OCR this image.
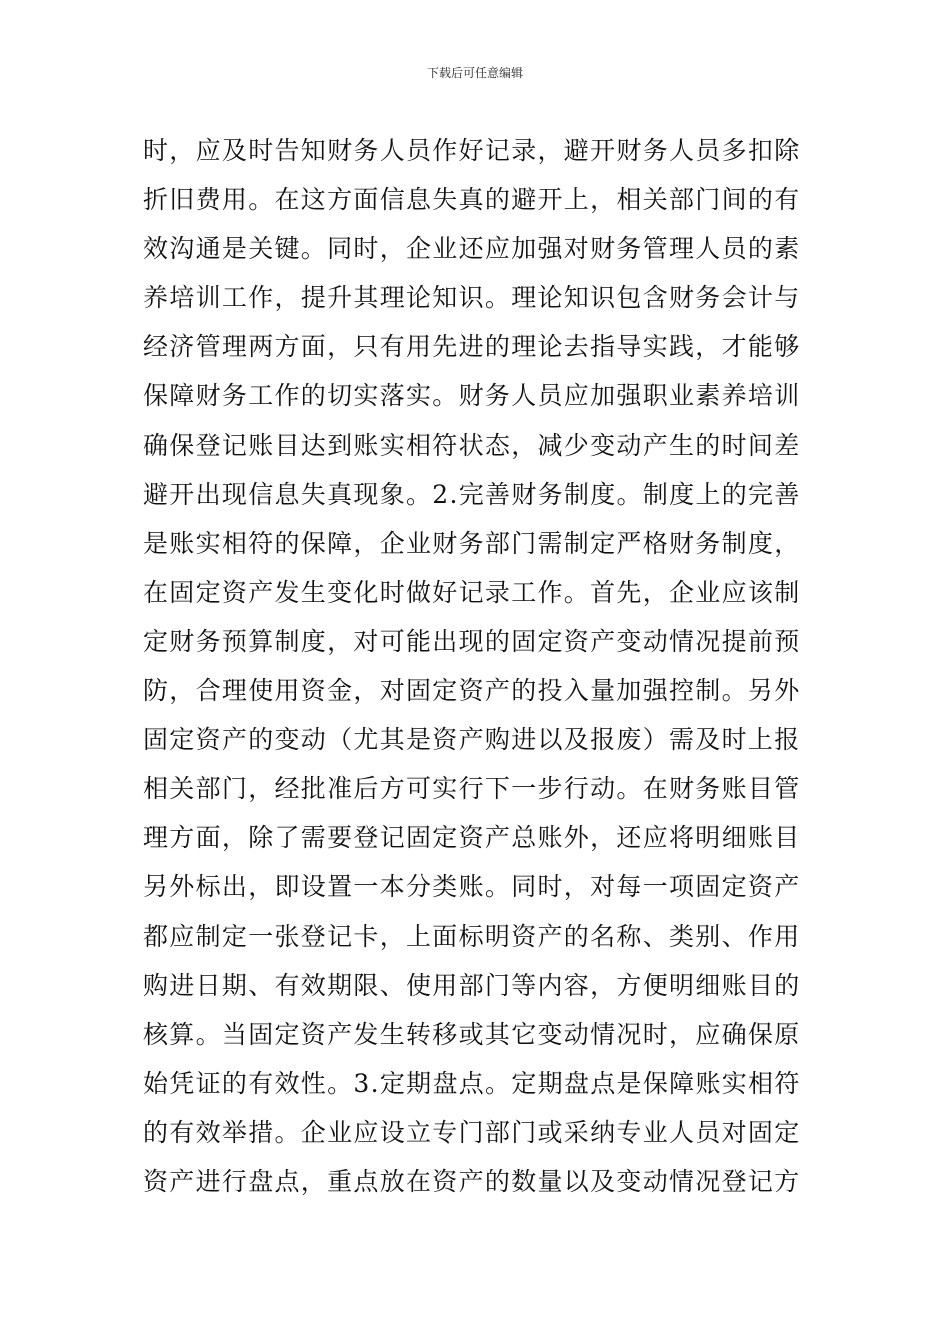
下载后可任意编辑
时，应及时告知财务人员作好记录，避开财务人员多扣除
折旧费用。在这方面信息失真的避开上，相关部门间的有
效沟通是关键。同时，企业还应加强对财务管理人员的素
养培训工作，提升其理论知识。理论知识包含财务会计与
经济管理两方面，只有用先进的理论去指导实践，才能够
保障财务工作的切实落实。财务人员应加强职业素养培训
确保登记账目达到账实相符状态，减少变动产生的时间差
避开出现信息失真现象。2.完善财务制度。制度上的完善
是账实相符的保障，企业财务部门需制定严格财务制度，
在固定资产发生变化时做好记录工作。首先，企业应该制
定财务预算制度，对可能出现的固定资产变动情况提前预
防，合理使用资金，对固定资产的投入量加强控制。另外
固定资产的变动（尤其是资产购进以及报废）需及时上报
相关部门，经批准后方可实行下一步行动。在财务账目管
理方面，除了需要登记固定资产总账外，还应将明细账目
另外标出，即设置一本分类账。同时，对每一项固定资产
都应制定一张登记卡，上面标明资产的名称、类别、作用
购进日期、有效期限、使用部门等内容，方便明细账目的
核算。当固定资产发生转移或其它变动情况时，应确保原
始凭证的有效性。3.定期盘点。定期盘点是保障账实相符
的有效举措。企业应设立专门部门或采纳专业人员对固定
资产进行盘点，重点放在资产的数量以及变动情况登记方
